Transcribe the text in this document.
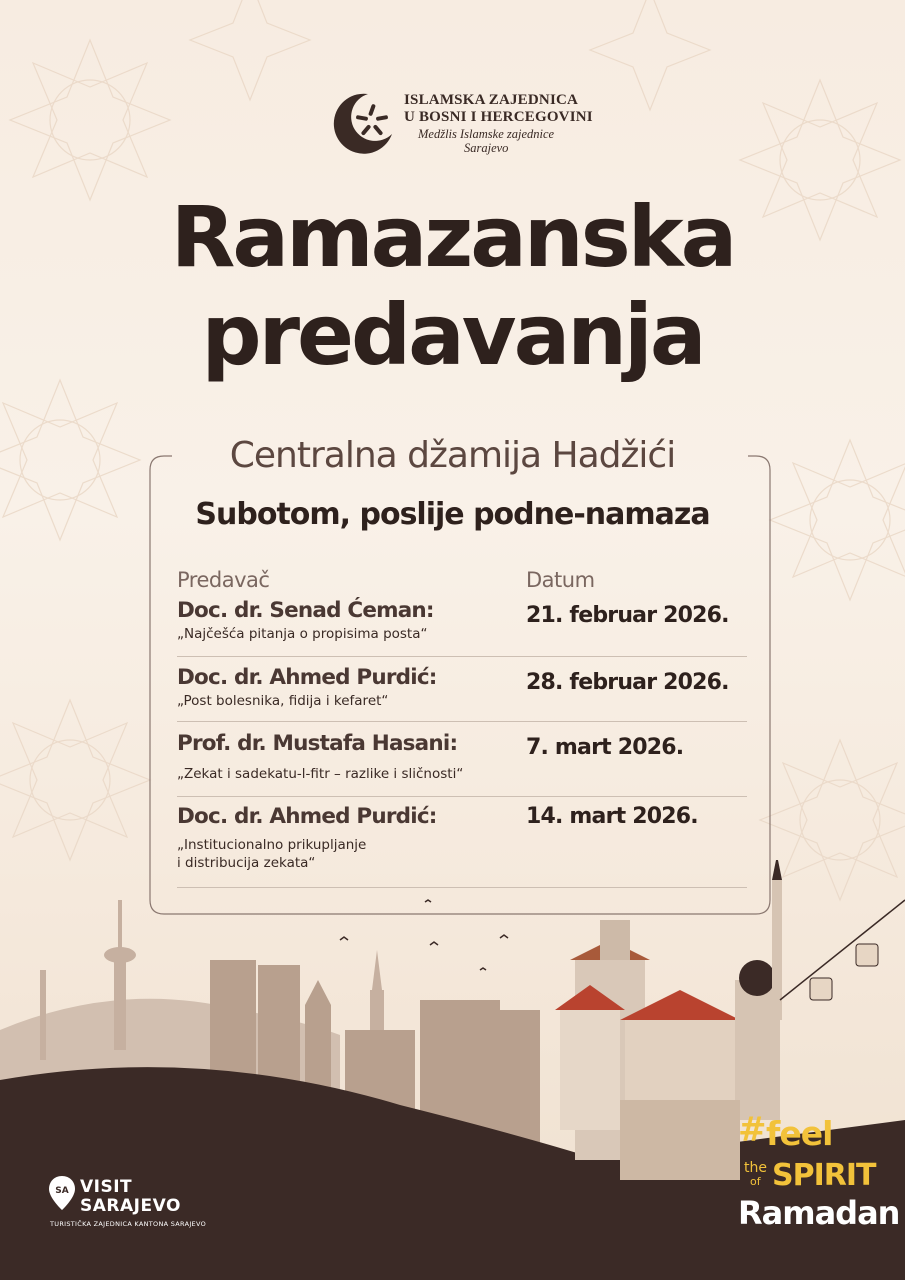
ISLAMSKA ZAJEDNICA
U BOSNI I HERCEGOVINI
Medžlis Islamske zajednice
Sarajevo
Ramazanska
predavanja
Centralna džamija Hadžići
Subotom, poslije podne-namaza
Predavač	Datum
Doc. dr. Senad Ćeman:
„Najčešća pitanja o propisima posta“
21. februar 2026.
Doc. dr. Ahmed Purdić:
„Post bolesnika, fidija i kefaret“
28. februar 2026.
Prof. dr. Mustafa Hasani:
„Zekat i sadekatu-l-fitr – razlike i sličnosti“
7. mart 2026.
Doc. dr. Ahmed Purdić:
„Institucionalno prikupljanje
i distribucija zekata“
14. mart 2026.
SA VISIT
SARAJEVO
TURISTIČKA ZAJEDNICA KANTONA SARAJEVO
# feel
the
of SPIRIT
Ramadan
